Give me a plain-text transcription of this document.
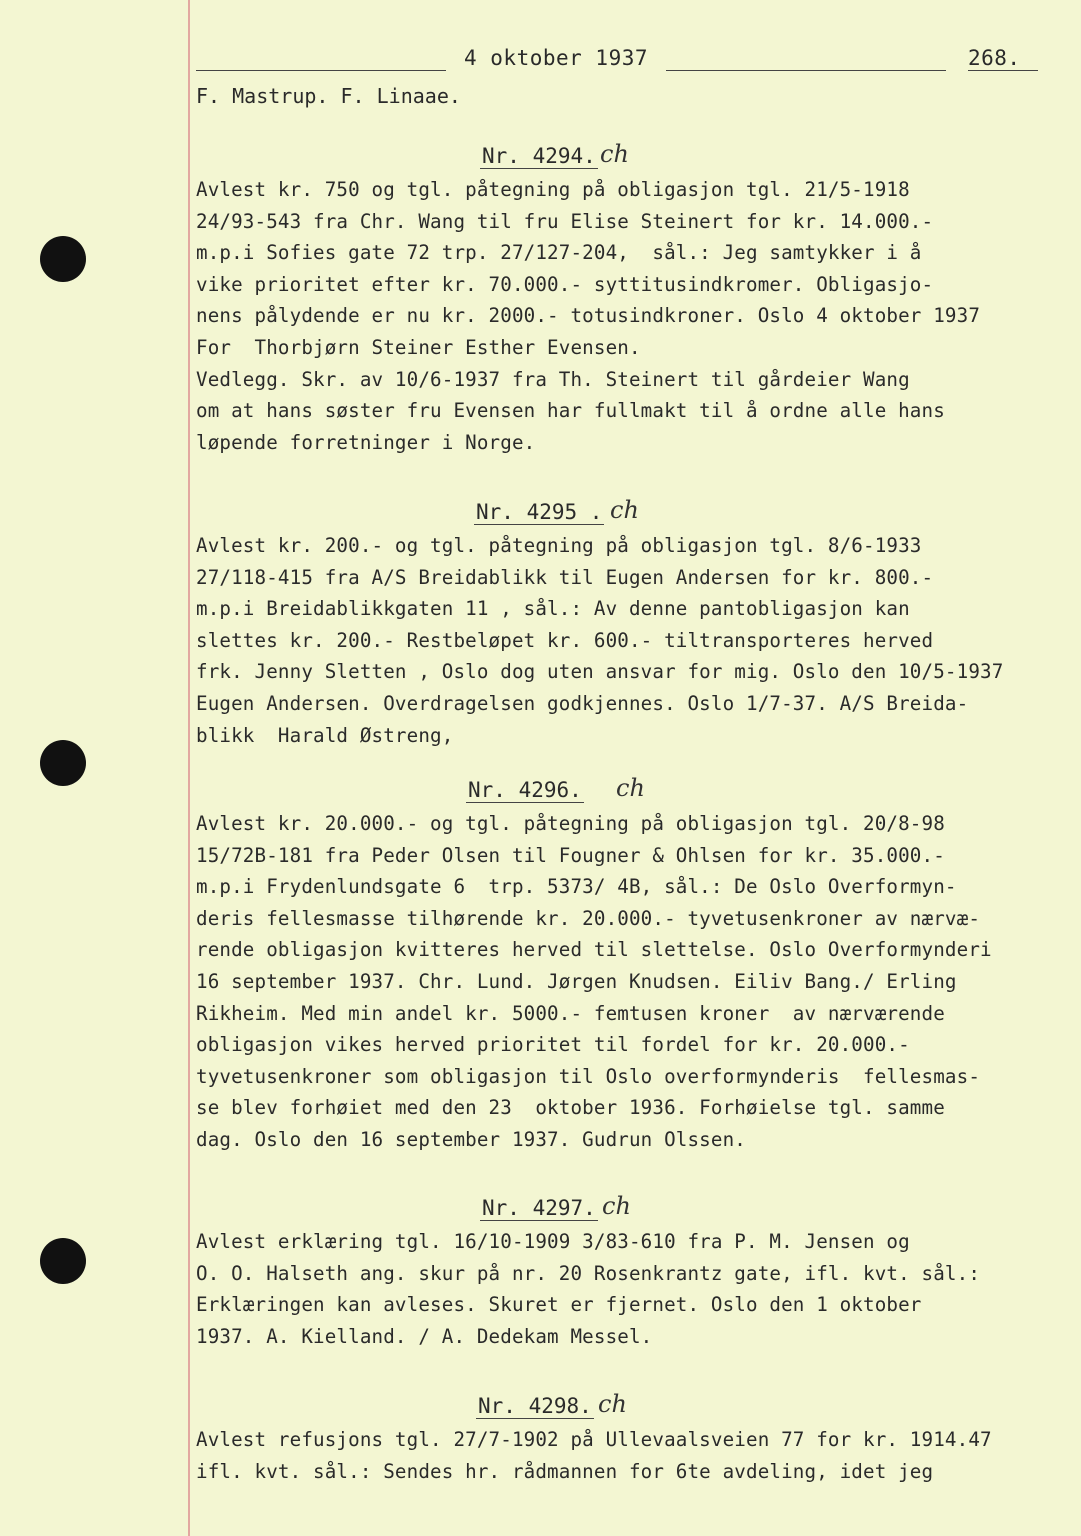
4 oktober 1937	268.
F. Mastrup. F. Linaae.
Nr. 4294. ch

Avlest kr. 750 og tgl. påtegning på obligasjon tgl. 21/5-1918

24/93-543 fra Chr. Wang til fru Elise Steinert for kr. 14.000.-

m.p.i Sofies gate 72 trp. 27/127-204,  sål.: Jeg samtykker i å

vike prioritet efter kr. 70.000.- syttitusindkromer. Obligasjo-

nens pålydende er nu kr. 2000.- totusindkroner. Oslo 4 oktober 1937

For  Thorbjørn Steiner Esther Evensen.

Vedlegg. Skr. av 10/6-1937 fra Th. Steinert til gårdeier Wang

om at hans søster fru Evensen har fullmakt til å ordne alle hans

løpende forretninger i Norge.

Nr. 4295 . ch

Avlest kr. 200.- og tgl. påtegning på obligasjon tgl. 8/6-1933

27/118-415 fra A/S Breidablikk til Eugen Andersen for kr. 800.-

m.p.i Breidablikkgaten 11 , sål.: Av denne pantobligasjon kan

slettes kr. 200.- Restbeløpet kr. 600.- tiltransporteres herved

frk. Jenny Sletten , Oslo dog uten ansvar for mig. Oslo den 10/5-1937

Eugen Andersen. Overdragelsen godkjennes. Oslo 1/7-37. A/S Breida-

blikk  Harald Østreng,

Nr. 4296. ch

Avlest kr. 20.000.- og tgl. påtegning på obligasjon tgl. 20/8-98

15/72B-181 fra Peder Olsen til Fougner & Ohlsen for kr. 35.000.-

m.p.i Frydenlundsgate 6  trp. 5373/ 4B, sål.: De Oslo Overformyn-

deris fellesmasse tilhørende kr. 20.000.- tyvetusenkroner av nærvæ-

rende obligasjon kvitteres herved til slettelse. Oslo Overformynderi

16 september 1937. Chr. Lund. Jørgen Knudsen. Eiliv Bang./ Erling

Rikheim. Med min andel kr. 5000.- femtusen kroner  av nærværende

obligasjon vikes herved prioritet til fordel for kr. 20.000.-

tyvetusenkroner som obligasjon til Oslo overformynderis  fellesmas-

se blev forhøiet med den 23  oktober 1936. Forhøielse tgl. samme

dag. Oslo den 16 september 1937. Gudrun Olssen.

Nr. 4297. ch

Avlest erklæring tgl. 16/10-1909 3/83-610 fra P. M. Jensen og

O. O. Halseth ang. skur på nr. 20 Rosenkrantz gate, ifl. kvt. sål.:

Erklæringen kan avleses. Skuret er fjernet. Oslo den 1 oktober

1937. A. Kielland. / A. Dedekam Messel.

Nr. 4298. ch

Avlest refusjons tgl. 27/7-1902 på Ullevaalsveien 77 for kr. 1914.47

ifl. kvt. sål.: Sendes hr. rådmannen for 6te avdeling, idet jeg
